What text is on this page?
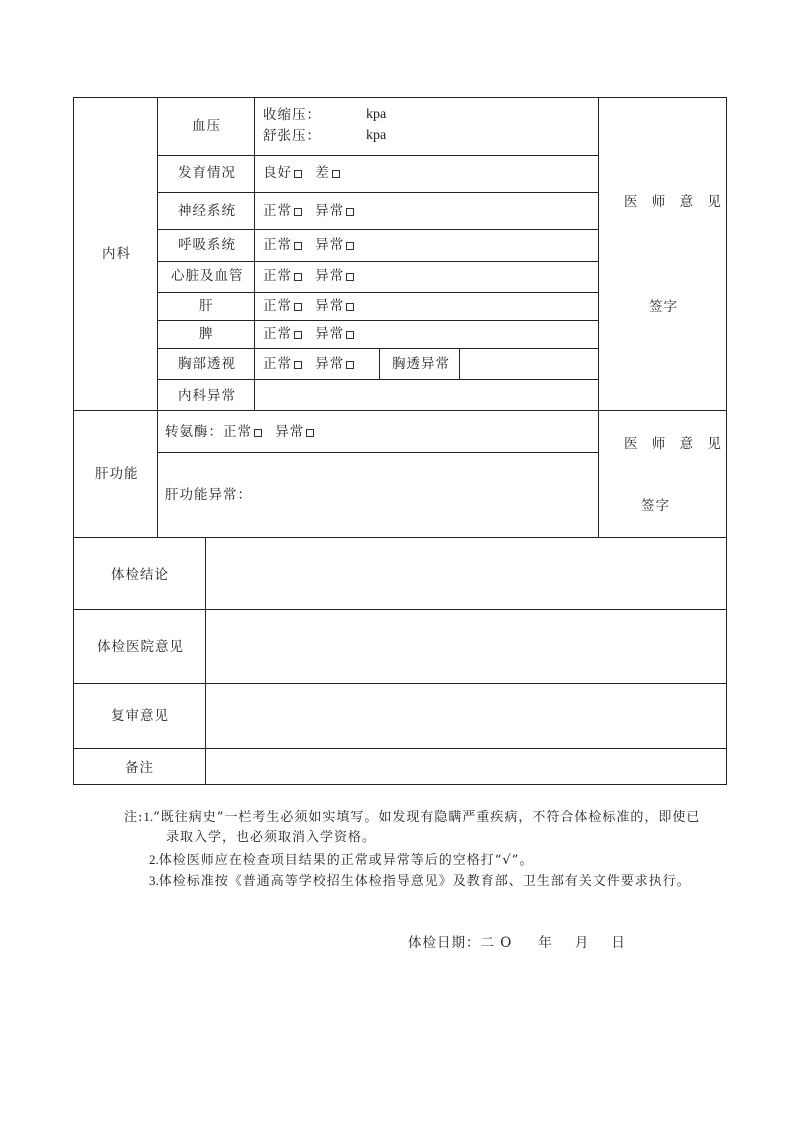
内科
血压
收缩压：	kpa
舒张压：	kpa
发育情况 良好 差
神经系统 正常 异常
呼吸系统 正常 异常
心脏及血管 正常 异常
肝	正常 异常
脾	正常 异常
胸部透视 正常 异常	胸透异常
内科异常
医 师 意 见
签字
肝功能
转氨酶：正常 异常
肝功能异常：
医 师 意 见
签字
体检结论
体检医院意见
复审意见
备注
注:1.“既往病史”一栏考生必须如实填写。如发现有隐瞒严重疾病，不符合体检标准的，即使已
录取入学，也必须取消入学资格。
2.体检医师应在检查项目结果的正常或异常等后的空格打“√”。
3.体检标准按《普通高等学校招生体检指导意见》及教育部、卫生部有关文件要求执行。
体检日期：二 O 年 月 日
